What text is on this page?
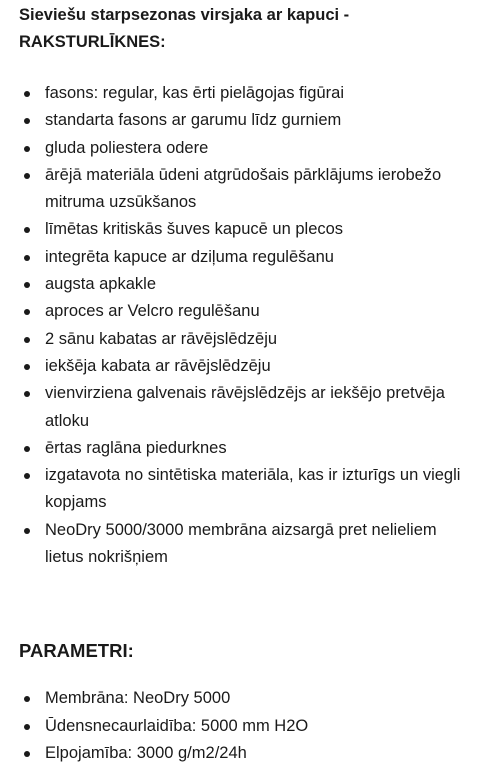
Sieviešu starpsezonas virsjaka ar kapuci -
RAKSTURLĪKNES:

fasons: regular, kas ērti pielāgojas figūrai
standarta fasons ar garumu līdz gurniem
gluda poliestera odere
ārējā materiāla ūdeni atgrūdošais pārklājums ierobežo mitruma uzsūkšanos
līmētas kritiskās šuves kapucē un plecos
integrēta kapuce ar dziļuma regulēšanu
augsta apkakle
aproces ar Velcro regulēšanu
2 sānu kabatas ar rāvējslēdzēju
iekšēja kabata ar rāvējslēdzēju
vienvirziena galvenais rāvējslēdzējs ar iekšējo pretvēja atloku
ērtas raglāna piedurknes
izgatavota no sintētiska materiāla, kas ir izturīgs un viegli kopjams
NeoDry 5000/3000 membrāna aizsargā pret nelieliem lietus nokrišņiem

PARAMETRI:

Membrāna: NeoDry 5000
Ūdensnecaurlaidība: 5000 mm H2O
Elpojamība: 3000 g/m2/24h
